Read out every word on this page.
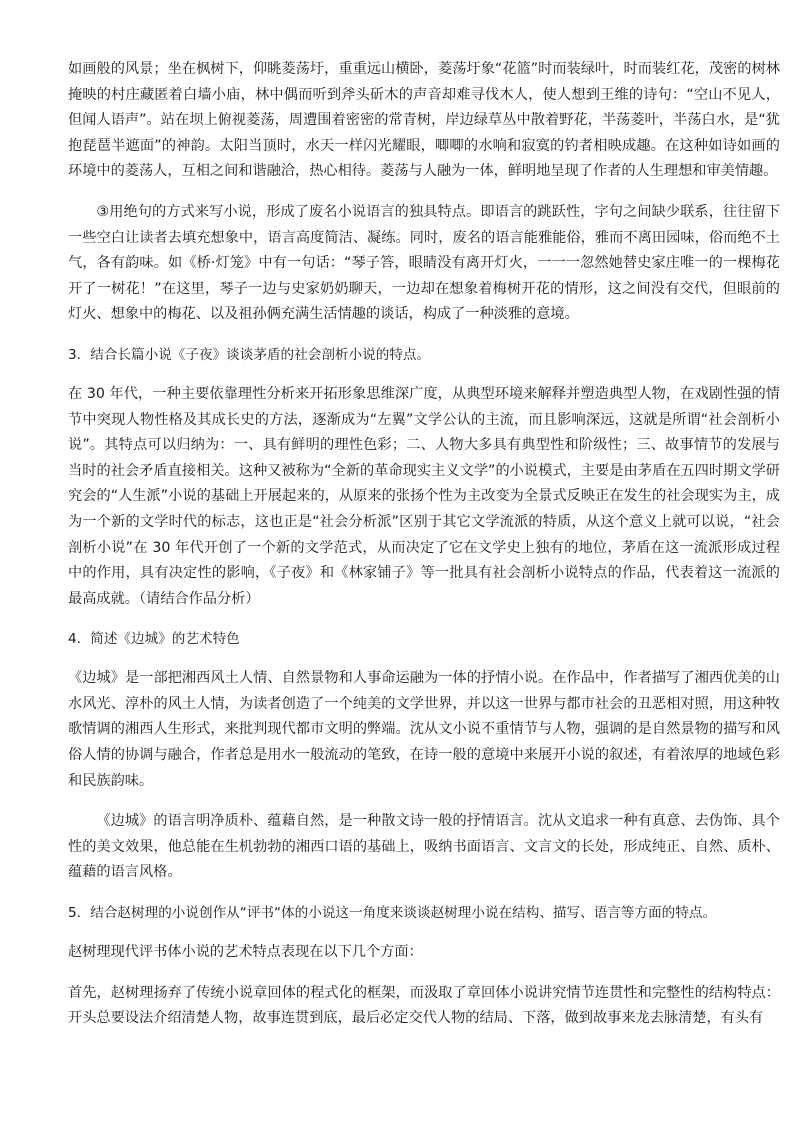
如画般的风景；坐在枫树下，仰眺菱荡圩，重重远山横卧，菱荡圩象“花篮”时而装绿叶，时而装红花，茂密的树林掩映的村庄藏匿着白墙小庙，林中偶而听到斧头斫木的声音却难寻伐木人，使人想到王维的诗句：“空山不见人，但闻人语声”。站在坝上俯视菱荡，周遭围着密密的常青树，岸边绿草丛中散着野花，半荡菱叶，半荡白水，是“犹抱琵琶半遮面”的神韵。太阳当顶时，水天一样闪光耀眼，唧唧的水响和寂寞的钓者相映成趣。在这种如诗如画的环境中的菱荡人，互相之间和谐融洽，热心相待。菱荡与人融为一体，鲜明地呈现了作者的人生理想和审美情趣。

③用绝句的方式来写小说，形成了废名小说语言的独具特点。即语言的跳跃性，字句之间缺少联系，往往留下一些空白让读者去填充想象中，语言高度简洁、凝练。同时，废名的语言能雅能俗，雅而不离田园味，俗而绝不土气，各有韵味。如《桥·灯笼》中有一句话：“琴子答，眼睛没有离开灯火，一一一忽然她替史家庄唯一的一棵梅花开了一树花！”在这里，琴子一边与史家奶奶聊天，一边却在想象着梅树开花的情形，这之间没有交代，但眼前的灯火、想象中的梅花、以及祖孙俩充满生活情趣的谈话，构成了一种淡雅的意境。

3．结合长篇小说《子夜》谈谈茅盾的社会剖析小说的特点。

在 30 年代，一种主要依靠理性分析来开拓形象思维深广度，从典型环境来解释并塑造典型人物，在戏剧性强的情节中突现人物性格及其成长史的方法，逐渐成为“左翼”文学公认的主流，而且影响深远，这就是所谓“社会剖析小说”。其特点可以归纳为：一、具有鲜明的理性色彩；二、人物大多具有典型性和阶级性；三、故事情节的发展与当时的社会矛盾直接相关。这种又被称为“全新的革命现实主义文学”的小说模式，主要是由茅盾在五四时期文学研究会的“人生派”小说的基础上开展起来的，从原来的张扬个性为主改变为全景式反映正在发生的社会现实为主，成为一个新的文学时代的标志，这也正是“社会分析派”区别于其它文学流派的特质，从这个意义上就可以说，“社会剖析小说”在 30 年代开创了一个新的文学范式，从而决定了它在文学史上独有的地位，茅盾在这一流派形成过程中的作用，具有决定性的影响，《子夜》和《林家铺子》等一批具有社会剖析小说特点的作品，代表着这一流派的最高成就。（请结合作品分析）

4．简述《边城》的艺术特色

《边城》是一部把湘西风土人情、自然景物和人事命运融为一体的抒情小说。在作品中，作者描写了湘西优美的山水风光、淳朴的风土人情，为读者创造了一个纯美的文学世界，并以这一世界与都市社会的丑恶相对照，用这种牧歌情调的湘西人生形式，来批判现代都市文明的弊端。沈从文小说不重情节与人物，强调的是自然景物的描写和风俗人情的协调与融合，作者总是用水一般流动的笔致，在诗一般的意境中来展开小说的叙述，有着浓厚的地域色彩和民族韵味。

《边城》的语言明净质朴、蕴藉自然，是一种散文诗一般的抒情语言。沈从文追求一种有真意、去伪饰、具个性的美文效果，他总能在生机勃勃的湘西口语的基础上，吸纳书面语言、文言文的长处，形成纯正、自然、质朴、蕴藉的语言风格。

5．结合赵树理的小说创作从“评书“体的小说这一角度来谈谈赵树理小说在结构、描写、语言等方面的特点。

赵树理现代评书体小说的艺术特点表现在以下几个方面：

首先，赵树理扬弃了传统小说章回体的程式化的框架，而汲取了章回体小说讲究情节连贯性和完整性的结构特点：开头总要设法介绍清楚人物，故事连贯到底，最后必定交代人物的结局、下落，做到故事来龙去脉清楚，有头有
